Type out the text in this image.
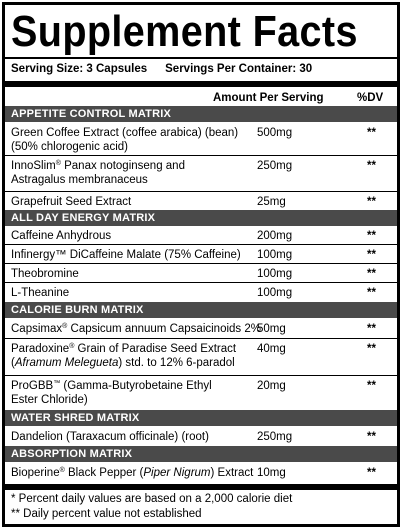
Supplement Facts
Serving Size: 3 Capsules Servings Per Container: 30
Amount Per Serving	%DV
APPETITE CONTROL MATRIX
Green Coffee Extract (coffee arabica) (bean)
(50% chlorogenic acid)
500mg	**
InnoSlim® Panax notoginseng and
Astragalus membranaceus
250mg	**
Grapefruit Seed Extract	25mg	**
ALL DAY ENERGY MATRIX
Caffeine Anhydrous	200mg	**
Infinergy™ DiCaffeine Malate (75% Caffeine) 100mg	**
Theobromine	100mg	**
L-Theanine	100mg	**
CALORIE BURN MATRIX
Capsimax® Capsicum annuum Capsaicinoids 2%
50mg	**
Paradoxine® Grain of Paradise Seed Extract
(Aframum Melegueta) std. to 12% 6-paradol
40mg	**
ProGBB™ (Gamma-Butyrobetaine Ethyl
Ester Chloride)
20mg	**
WATER SHRED MATRIX
Dandelion (Taraxacum officinale) (root)	250mg	**
ABSORPTION MATRIX
Bioperine® Black Pepper (Piper Nigrum) Extract 10mg	**
* Percent daily values are based on a 2,000 calorie diet
** Daily percent value not established
